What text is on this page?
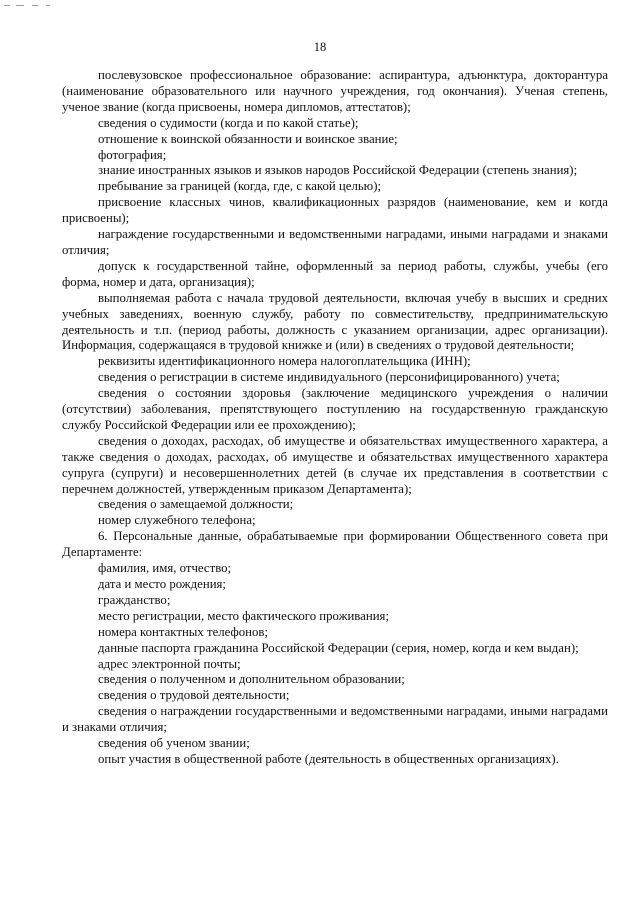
18

послевузовское профессиональное образование: аспирантура, адъюнктура, докторантура (наименование образовательного или научного учреждения, год окончания). Ученая степень, ученое звание (когда присвоены, номера дипломов, аттестатов);

сведения о судимости (когда и по какой статье);

отношение к воинской обязанности и воинское звание;

фотография;

знание иностранных языков и языков народов Российской Федерации (степень знания);

пребывание за границей (когда, где, с какой целью);

присвоение классных чинов, квалификационных разрядов (наименование, кем и когда присвоены);

награждение государственными и ведомственными наградами, иными наградами и знаками отличия;

допуск к государственной тайне, оформленный за период работы, службы, учебы (его форма, номер и дата, организация);

выполняемая работа с начала трудовой деятельности, включая учебу в высших и средних учебных заведениях, военную службу, работу по совместительству, предпринимательскую деятельность и т.п. (период работы, должность с указанием организации, адрес организации). Информация, содержащаяся в трудовой книжке и (или) в сведениях о трудовой деятельности;

реквизиты идентификационного номера налогоплательщика (ИНН);

сведения о регистрации в системе индивидуального (персонифицированного) учета;

сведения о состоянии здоровья (заключение медицинского учреждения о наличии (отсутствии) заболевания, препятствующего поступлению на государственную гражданскую службу Российской Федерации или ее прохождению);

сведения о доходах, расходах, об имуществе и обязательствах имущественного характера, а также сведения о доходах, расходах, об имуществе и обязательствах имущественного характера супруга (супруги) и несовершеннолетних детей (в случае их представления в соответствии с перечнем должностей, утвержденным приказом Департамента);

сведения о замещаемой должности;

номер служебного телефона;

6. Персональные данные, обрабатываемые при формировании Общественного совета при Департаменте:

фамилия, имя, отчество;

дата и место рождения;

гражданство;

место регистрации, место фактического проживания;

номера контактных телефонов;

данные паспорта гражданина Российской Федерации (серия, номер, когда и кем выдан);

адрес электронной почты;

сведения о полученном и дополнительном образовании;

сведения о трудовой деятельности;

сведения о награждении государственными и ведомственными наградами, иными наградами и знаками отличия;

сведения об ученом звании;

опыт участия в общественной работе (деятельность в общественных организациях).
